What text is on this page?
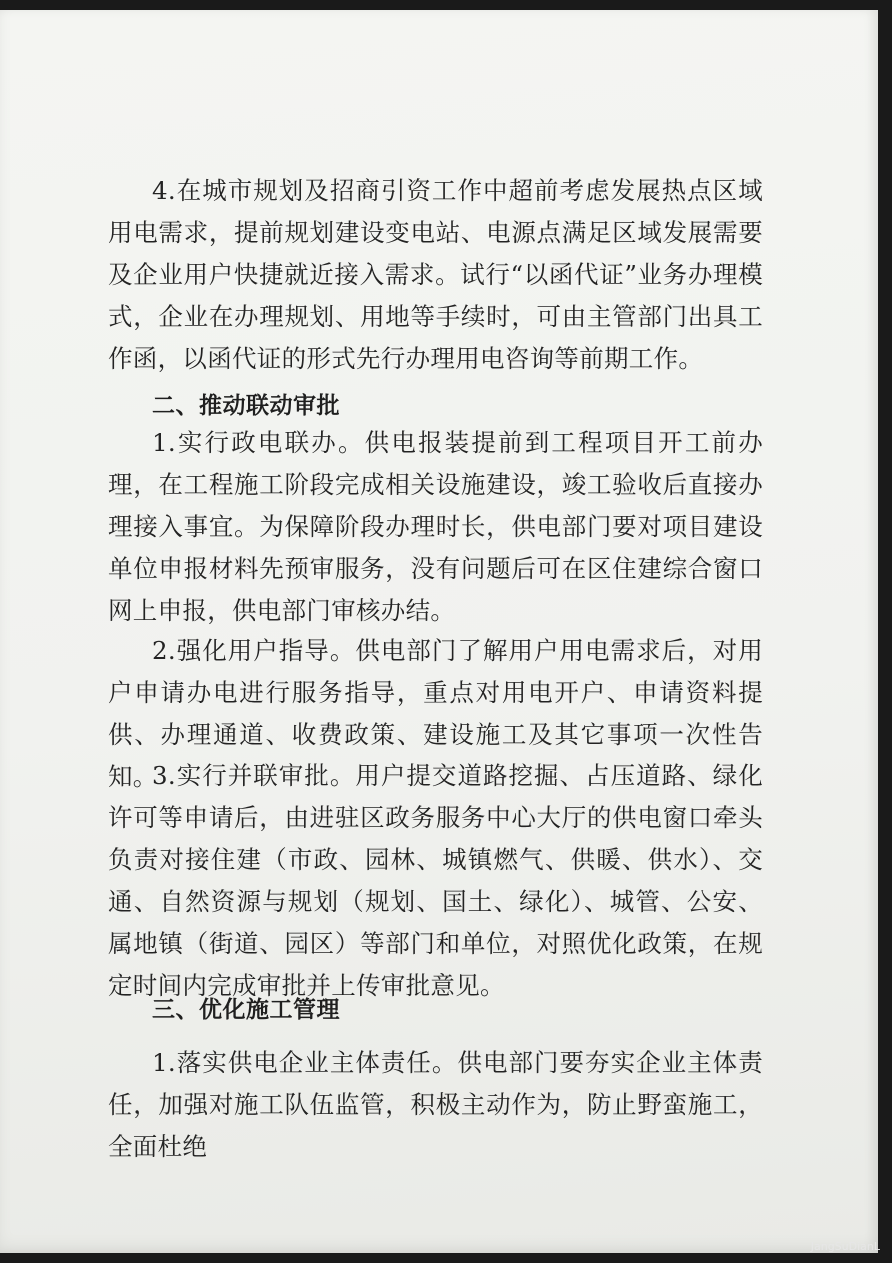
4.在城市规划及招商引资工作中超前考虑发展热点区域用电需求，提前规划建设变电站、电源点满足区域发展需要及企业用户快捷就近接入需求。试行“以函代证”业务办理模式，企业在办理规划、用地等手续时，可由主管部门出具工作函，以函代证的形式先行办理用电咨询等前期工作。

二、推动联动审批

1.实行政电联办。供电报装提前到工程项目开工前办理，在工程施工阶段完成相关设施建设，竣工验收后直接办理接入事宜。为保障阶段办理时长，供电部门要对项目建设单位申报材料先预审服务，没有问题后可在区住建综合窗口网上申报，供电部门审核办结。

2.强化用户指导。供电部门了解用户用电需求后，对用户申请办电进行服务指导，重点对用电开户、申请资料提供、办理通道、收费政策、建设施工及其它事项一次性告知。

3.实行并联审批。用户提交道路挖掘、占压道路、绿化许可等申请后，由进驻区政务服务中心大厅的供电窗口牵头负责对接住建（市政、园林、城镇燃气、供暖、供水）、交通、自然资源与规划（规划、国土、绿化）、城管、公安、属地镇（街道、园区）等部门和单位，对照优化政策，在规定时间内完成审批并上传审批意见。

三、优化施工管理

1.落实供电企业主体责任。供电部门要夯实企业主体责任，加强对施工队伍监管，积极主动作为，防止野蛮施工，全面杜绝

JangSuDianL
